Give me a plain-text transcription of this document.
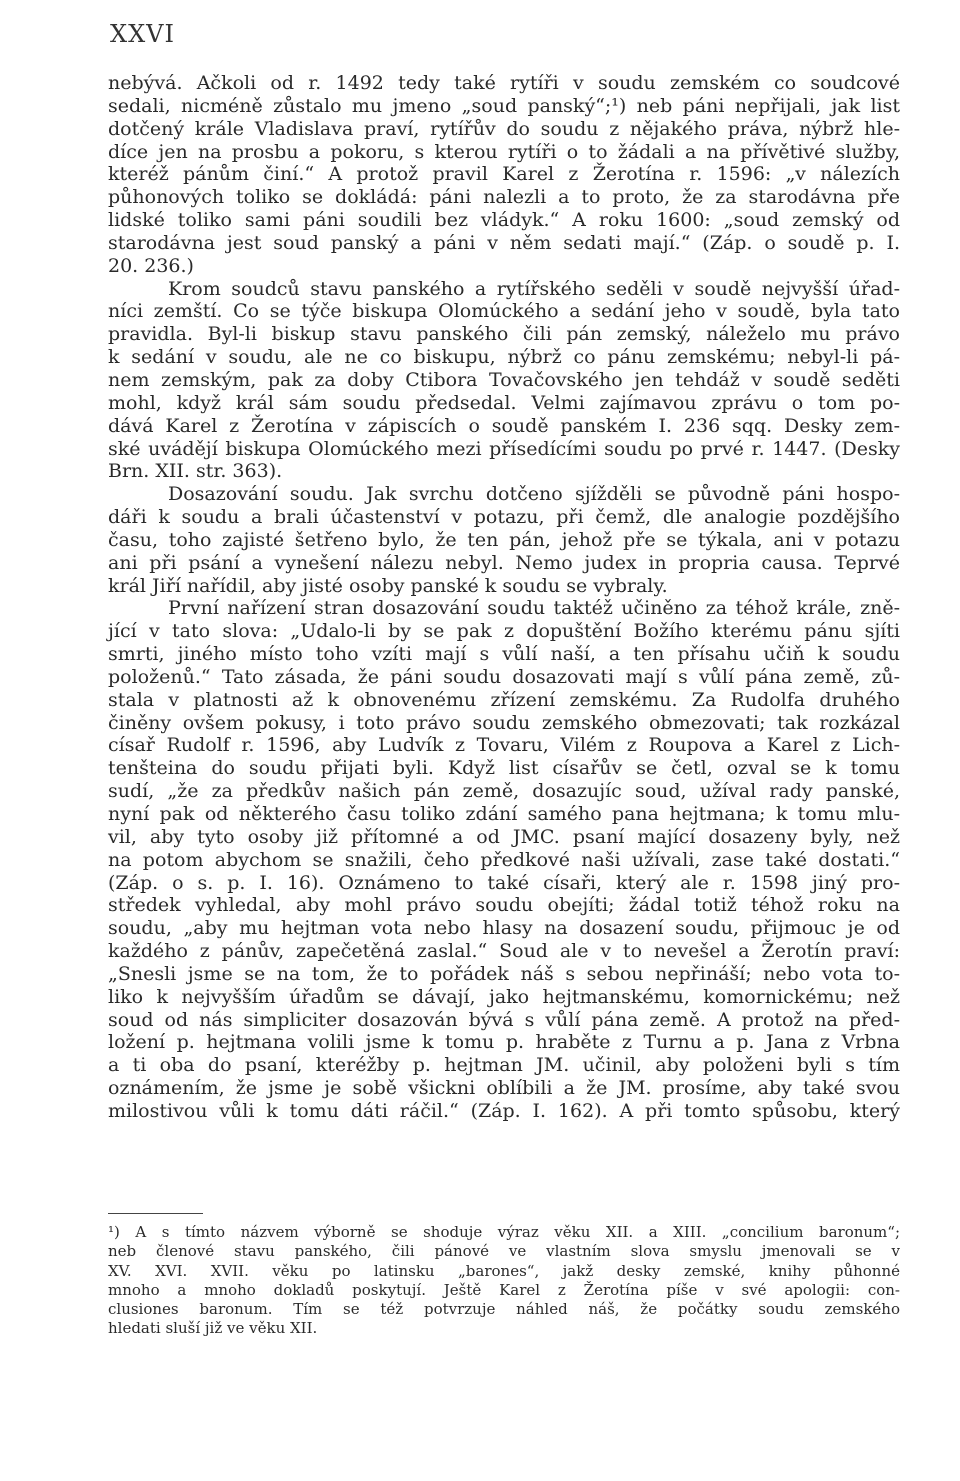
XXVI
nebývá. Ačkoli od r. 1492 tedy také rytíři v soudu zemském co soudcové
sedali, nicméně zůstalo mu jmeno „soud panský“;¹) neb páni nepřijali, jak list
dotčený krále Vladislava praví, rytířův do soudu z nějakého práva, nýbrž hle-
díce jen na prosbu a pokoru, s kterou rytíři o to žádali a na přívětivé služby,
kteréž pánům činí.“ A protož pravil Karel z Žerotína r. 1596: „v nálezích
půhonových toliko se dokládá: páni nalezli a to proto, že za starodávna pře
lidské toliko sami páni soudili bez vládyk.“ A roku 1600: „soud zemský od
starodávna jest soud panský a páni v něm sedati mají.“ (Záp. o soudě p. I.
20. 236.)
Krom soudců stavu panského a rytířského seděli v soudě nejvyšší úřad-
níci zemští. Co se týče biskupa Olomúckého a sedání jeho v soudě, byla tato
pravidla. Byl-li biskup stavu panského čili pán zemský, náleželo mu právo
k sedání v soudu, ale ne co biskupu, nýbrž co pánu zemskému; nebyl-li pá-
nem zemským, pak za doby Ctibora Tovačovského jen tehdáž v soudě seděti
mohl, když král sám soudu předsedal. Velmi zajímavou zprávu o tom po-
dává Karel z Žerotína v zápiscích o soudě panském I. 236 sqq. Desky zem-
ské uvádějí biskupa Olomúckého mezi přísedícími soudu po prvé r. 1447. (Desky
Brn. XII. str. 363).
Dosazování soudu. Jak svrchu dotčeno sjížděli se původně páni hospo-
dáři k soudu a brali účastenství v potazu, při čemž, dle analogie pozdějšího
času, toho zajisté šetřeno bylo, že ten pán, jehož pře se týkala, ani v potazu
ani při psání a vynešení nálezu nebyl. Nemo judex in propria causa. Teprvé
král Jiří nařídil, aby jisté osoby panské k soudu se vybraly.
První nařízení stran dosazování soudu taktéž učiněno za téhož krále, zně-
jící v tato slova: „Udalo-li by se pak z dopuštění Božího kterému pánu sjíti
smrti, jiného místo toho vzíti mají s vůlí naší, a ten přísahu učiň k soudu
položenů.“ Tato zásada, že páni soudu dosazovati mají s vůlí pána země, zů-
stala v platnosti až k obnovenému zřízení zemskému. Za Rudolfa druhého
činěny ovšem pokusy, i toto právo soudu zemského obmezovati; tak rozkázal
císař Rudolf r. 1596, aby Ludvík z Tovaru, Vilém z Roupova a Karel z Lich-
tenšteina do soudu přijati byli. Když list císařův se četl, ozval se k tomu
sudí, „že za předkův našich pán země, dosazujíc soud, užíval rady panské,
nyní pak od některého času toliko zdání samého pana hejtmana; k tomu mlu-
vil, aby tyto osoby již přítomné a od JMC. psaní mající dosazeny byly, než
na potom abychom se snažili, čeho předkové naši užívali, zase také dostati.“
(Záp. o s. p. I. 16). Oznámeno to také císaři, který ale r. 1598 jiný pro-
středek vyhledal, aby mohl právo soudu obejíti; žádal totiž téhož roku na
soudu, „aby mu hejtman vota nebo hlasy na dosazení soudu, přijmouc je od
každého z pánův, zapečetěná zaslal.“ Soud ale v to nevešel a Žerotín praví:
„Snesli jsme se na tom, že to pořádek náš s sebou nepřináší; nebo vota to-
liko k nejvyšším úřadům se dávají, jako hejtmanskému, komornickému; než
soud od nás simpliciter dosazován bývá s vůlí pána země. A protož na před-
ložení p. hejtmana volili jsme k tomu p. hraběte z Turnu a p. Jana z Vrbna
a ti oba do psaní, kteréžby p. hejtman JM. učinil, aby položeni byli s tím
oznámením, že jsme je sobě všickni oblíbili a že JM. prosíme, aby také svou
milostivou vůli k tomu dáti ráčil.“ (Záp. I. 162). A při tomto spůsobu, který
¹) A s tímto názvem výborně se shoduje výraz věku XII. a XIII. „concilium baronum“;
neb členové stavu panského, čili pánové ve vlastním slova smyslu jmenovali se v
XV. XVI. XVII. věku po latinsku „barones“, jakž desky zemské, knihy půhonné
mnoho a mnoho dokladů poskytují. Ještě Karel z Žerotína píše v své apologii: con-
clusiones baronum. Tím se též potvrzuje náhled náš, že počátky soudu zemského
hledati sluší již ve věku XII.
